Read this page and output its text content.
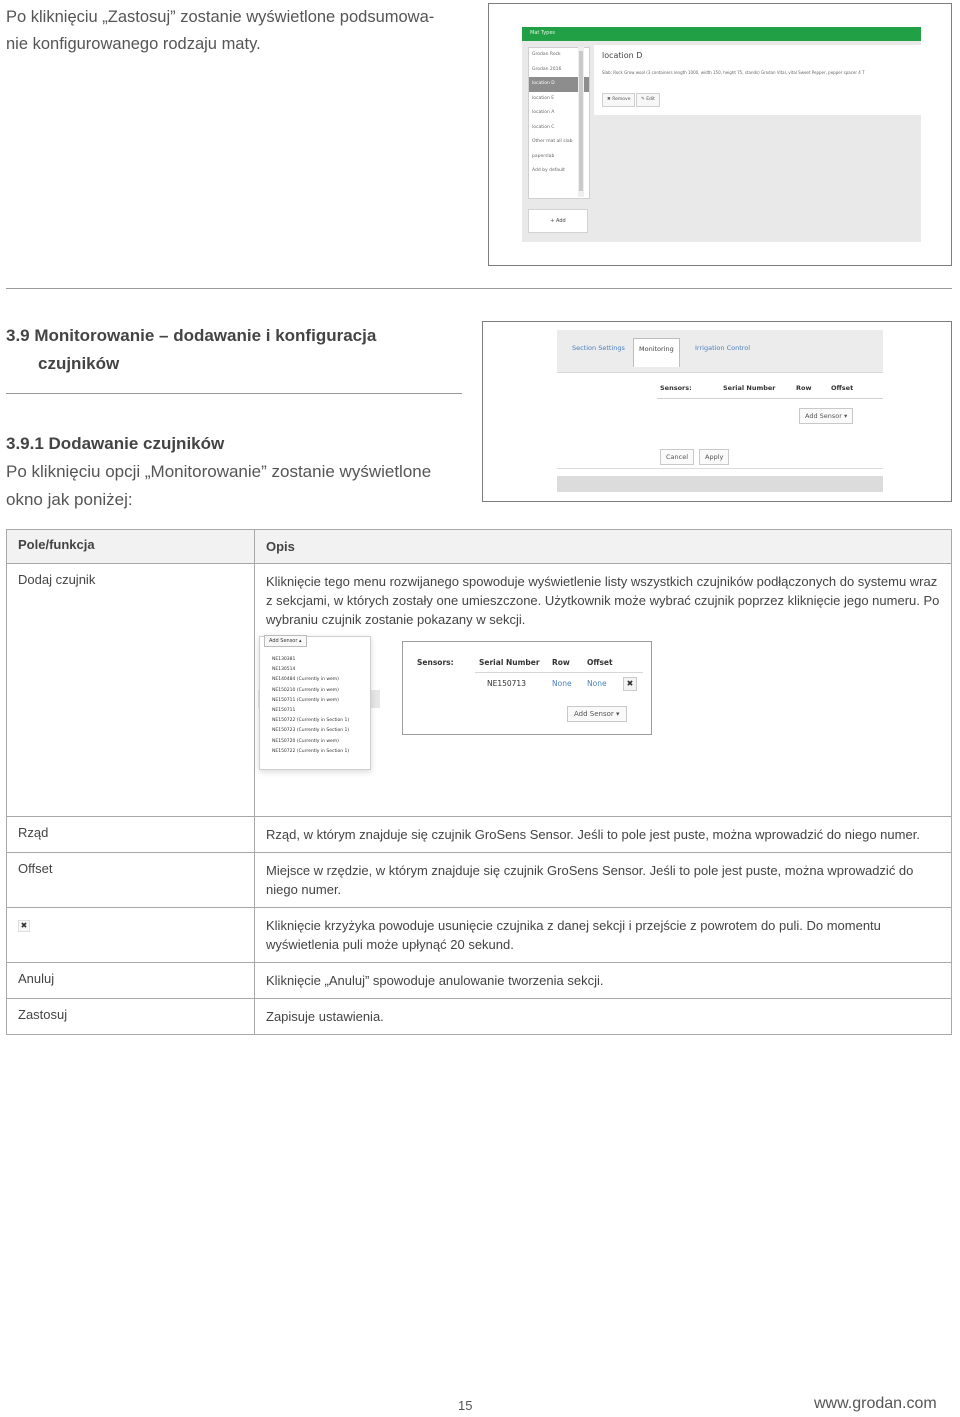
Po kliknięciu „Zastosuj” zostanie wyświetlone podsumowa-
nie konfigurowanego rodzaju maty.
Mat Types
Grodan Rock
Grodan 2016
location D
location E
location A
location C
Other mat all slab
paperslab
Add by default
location D
Slab: Rock Grow wool (3 containers length 1000, width 150, height 75, stands) Grodan Vital, vital Sweet Pepper, pepper spacer 4 T
✖ Remove	✎ Edit
+ Add
3.9 Monitorowanie – dodawanie i konfiguracja
czujników
3.9.1 Dodawanie czujników
Po kliknięciu opcji „Monitorowanie” zostanie wyświetlone
okno jak poniżej:
Section Settings	Monitoring	Irrigation Control
Sensors:	Serial Number	Row	Offset
Add Sensor ▾
Cancel	Apply
Pole/funkcja	Opis
Dodaj czujnik	Kliknięcie tego menu rozwijanego spowoduje wyświetlenie listy wszystkich czujników podłączonych do systemu wraz z sekcjami, w których zostały one umieszczone. Użytkownik może wybrać czujnik poprzez kliknięcie jego numeru. Po wybraniu czujnik zostanie pokazany w sekcji.

Rząd	Rząd, w którym znajduje się czujnik GroSens Sensor. Jeśli to pole jest puste, można wprowadzić do niego numer.
Offset	Miejsce w rzędzie, w którym znajduje się czujnik GroSens Sensor. Jeśli to pole jest puste, można wprowadzić do niego numer.
✖	Kliknięcie krzyżyka powoduje usunięcie czujnika z danej sekcji i przejście z powrotem do puli. Do momentu wyświetlenia puli może upłynąć 20 sekund.
Anuluj	Kliknięcie „Anuluj” spowoduje anulowanie tworzenia sekcji.
Zastosuj	Zapisuje ustawienia.
Add Sensor ▴
NE130381
NE130514
NE140484 (Currently in wem)
NE150210 (Currently in wem)
NE150711 (Currently in wem)
NE150711
NE150722 (Currently in Section 1)
NE150723 (Currently in Section 1)
NE150720 (Currently in wem)
NE150722 (Currently in Section 1)
Sensors:	Serial Number Row Offset
NE150713	None None	✖
Add Sensor ▾
15	www.grodan.com
